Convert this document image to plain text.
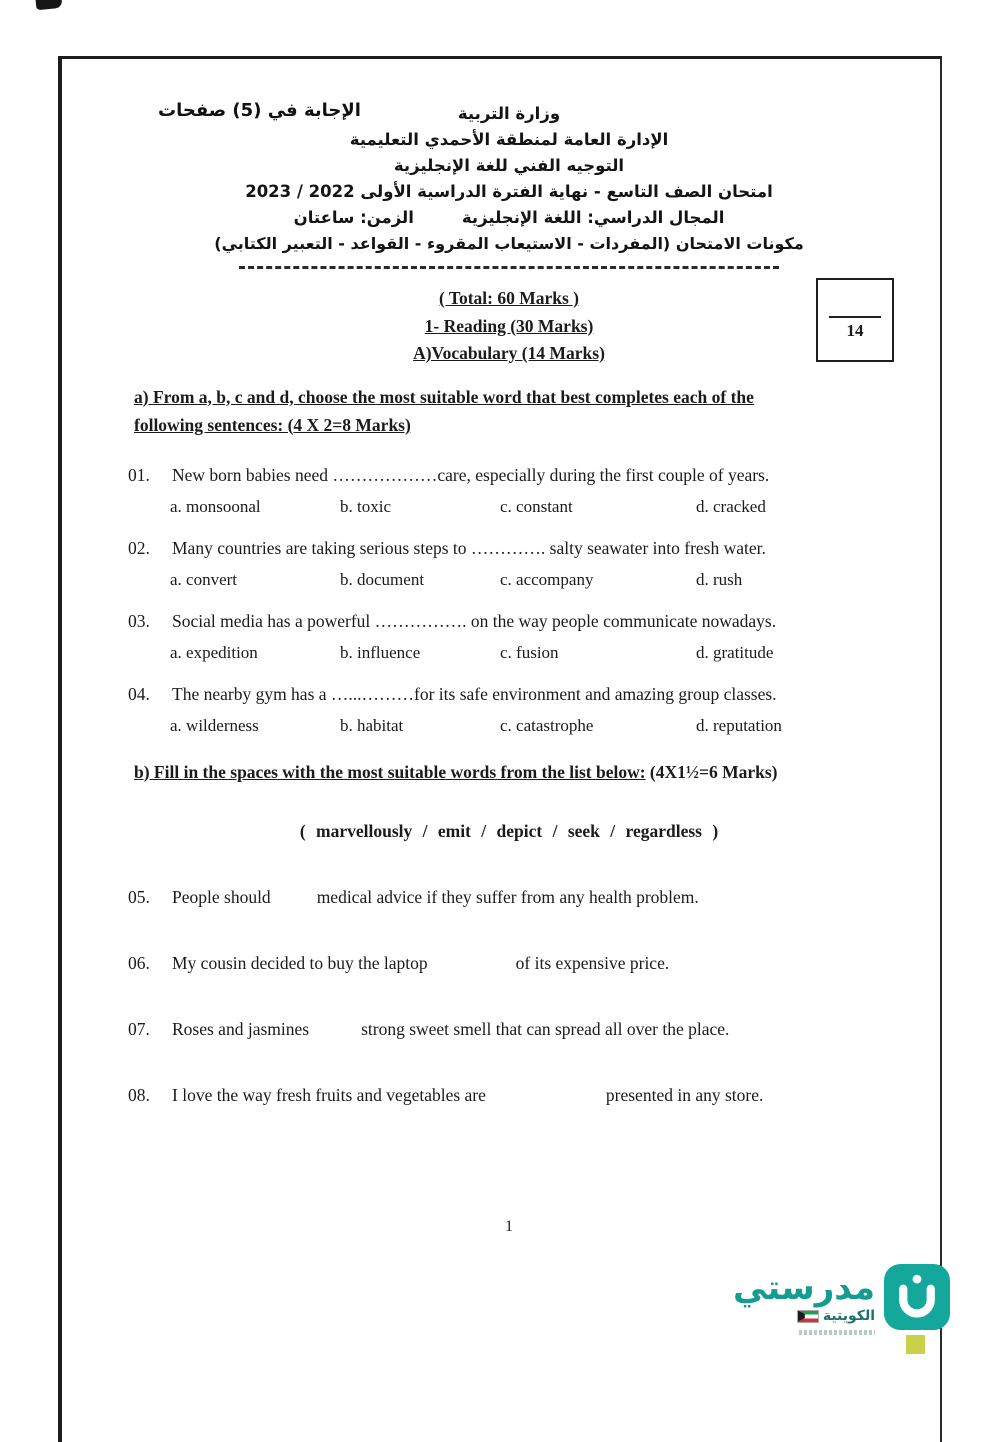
الإجابة في (5) صفحات
14
وزارة التربية
الإدارة العامة لمنطقة الأحمدي التعليمية
التوجيه الفني للغة الإنجليزية
امتحان الصف التاسع - نهاية الفترة الدراسية الأولى 2022 / 2023
المجال الدراسي: اللغة الإنجليزية
الزمن: ساعتان
مكونات الامتحان (المفردات - الاستيعاب المقروء - القواعد - التعبير الكتابي)
( Total: 60 Marks )
1- Reading (30 Marks)
A)Vocabulary (14 Marks)

a) From a, b, c and d, choose the most suitable word that best completes each of the following sentences: (4 X 2=8 Marks)

01. New born babies need ………………care, especially during the first couple of years.
a. monsoonal	b. toxic	c. constant	d. cracked
02. Many countries are taking serious steps to …………. salty seawater into fresh water.
a. convert	b. document	c. accompany	d. rush
03. Social media has a powerful ……………. on the way people communicate nowadays.
a. expedition	b. influence	c. fusion	d. gratitude
04. The nearby gym has a …...………for its safe environment and amazing group classes.
a. wilderness	b. habitat	c. catastrophe	d. reputation
b) Fill in the spaces with the most suitable words from the list below: (4X1½=6 Marks)
( marvellously / emit / depict / seek / regardless )
05.	People should	medical advice if they suffer from any health problem.
06.	My cousin decided to buy the laptop	of its expensive price.
07.	Roses and jasmines	strong sweet smell that can spread all over the place.
08.	I love the way fresh fruits and vegetables are	presented in any store.
1
مدرستي
الكويتية
